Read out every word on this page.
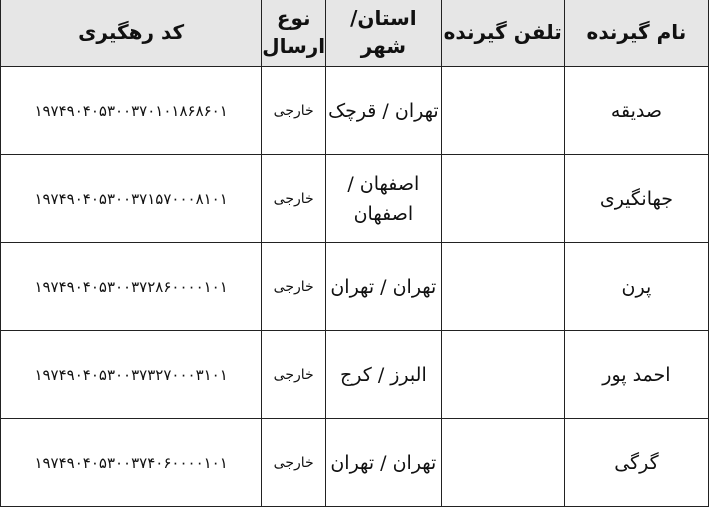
نام گیرنده	تلفن گیرنده	استان/ شهر	نوع ارسال	کد رهگیری
صدیقه		تهران / قرچک	خارجی	۱۹۷۴۹۰۴۰۵۳۰۰۳۷۰۱۰۱۸۶۸۶۰۱
جهانگیری		اصفهان / اصفهان	خارجی	۱۹۷۴۹۰۴۰۵۳۰۰۳۷۱۵۷۰۰۰۸۱۰۱
پرن		تهران / تهران	خارجی	۱۹۷۴۹۰۴۰۵۳۰۰۳۷۲۸۶۰۰۰۰۱۰۱
احمد پور		البرز / کرج	خارجی	۱۹۷۴۹۰۴۰۵۳۰۰۳۷۳۲۷۰۰۰۳۱۰۱
گرگی		تهران / تهران	خارجی	۱۹۷۴۹۰۴۰۵۳۰۰۳۷۴۰۶۰۰۰۰۱۰۱
